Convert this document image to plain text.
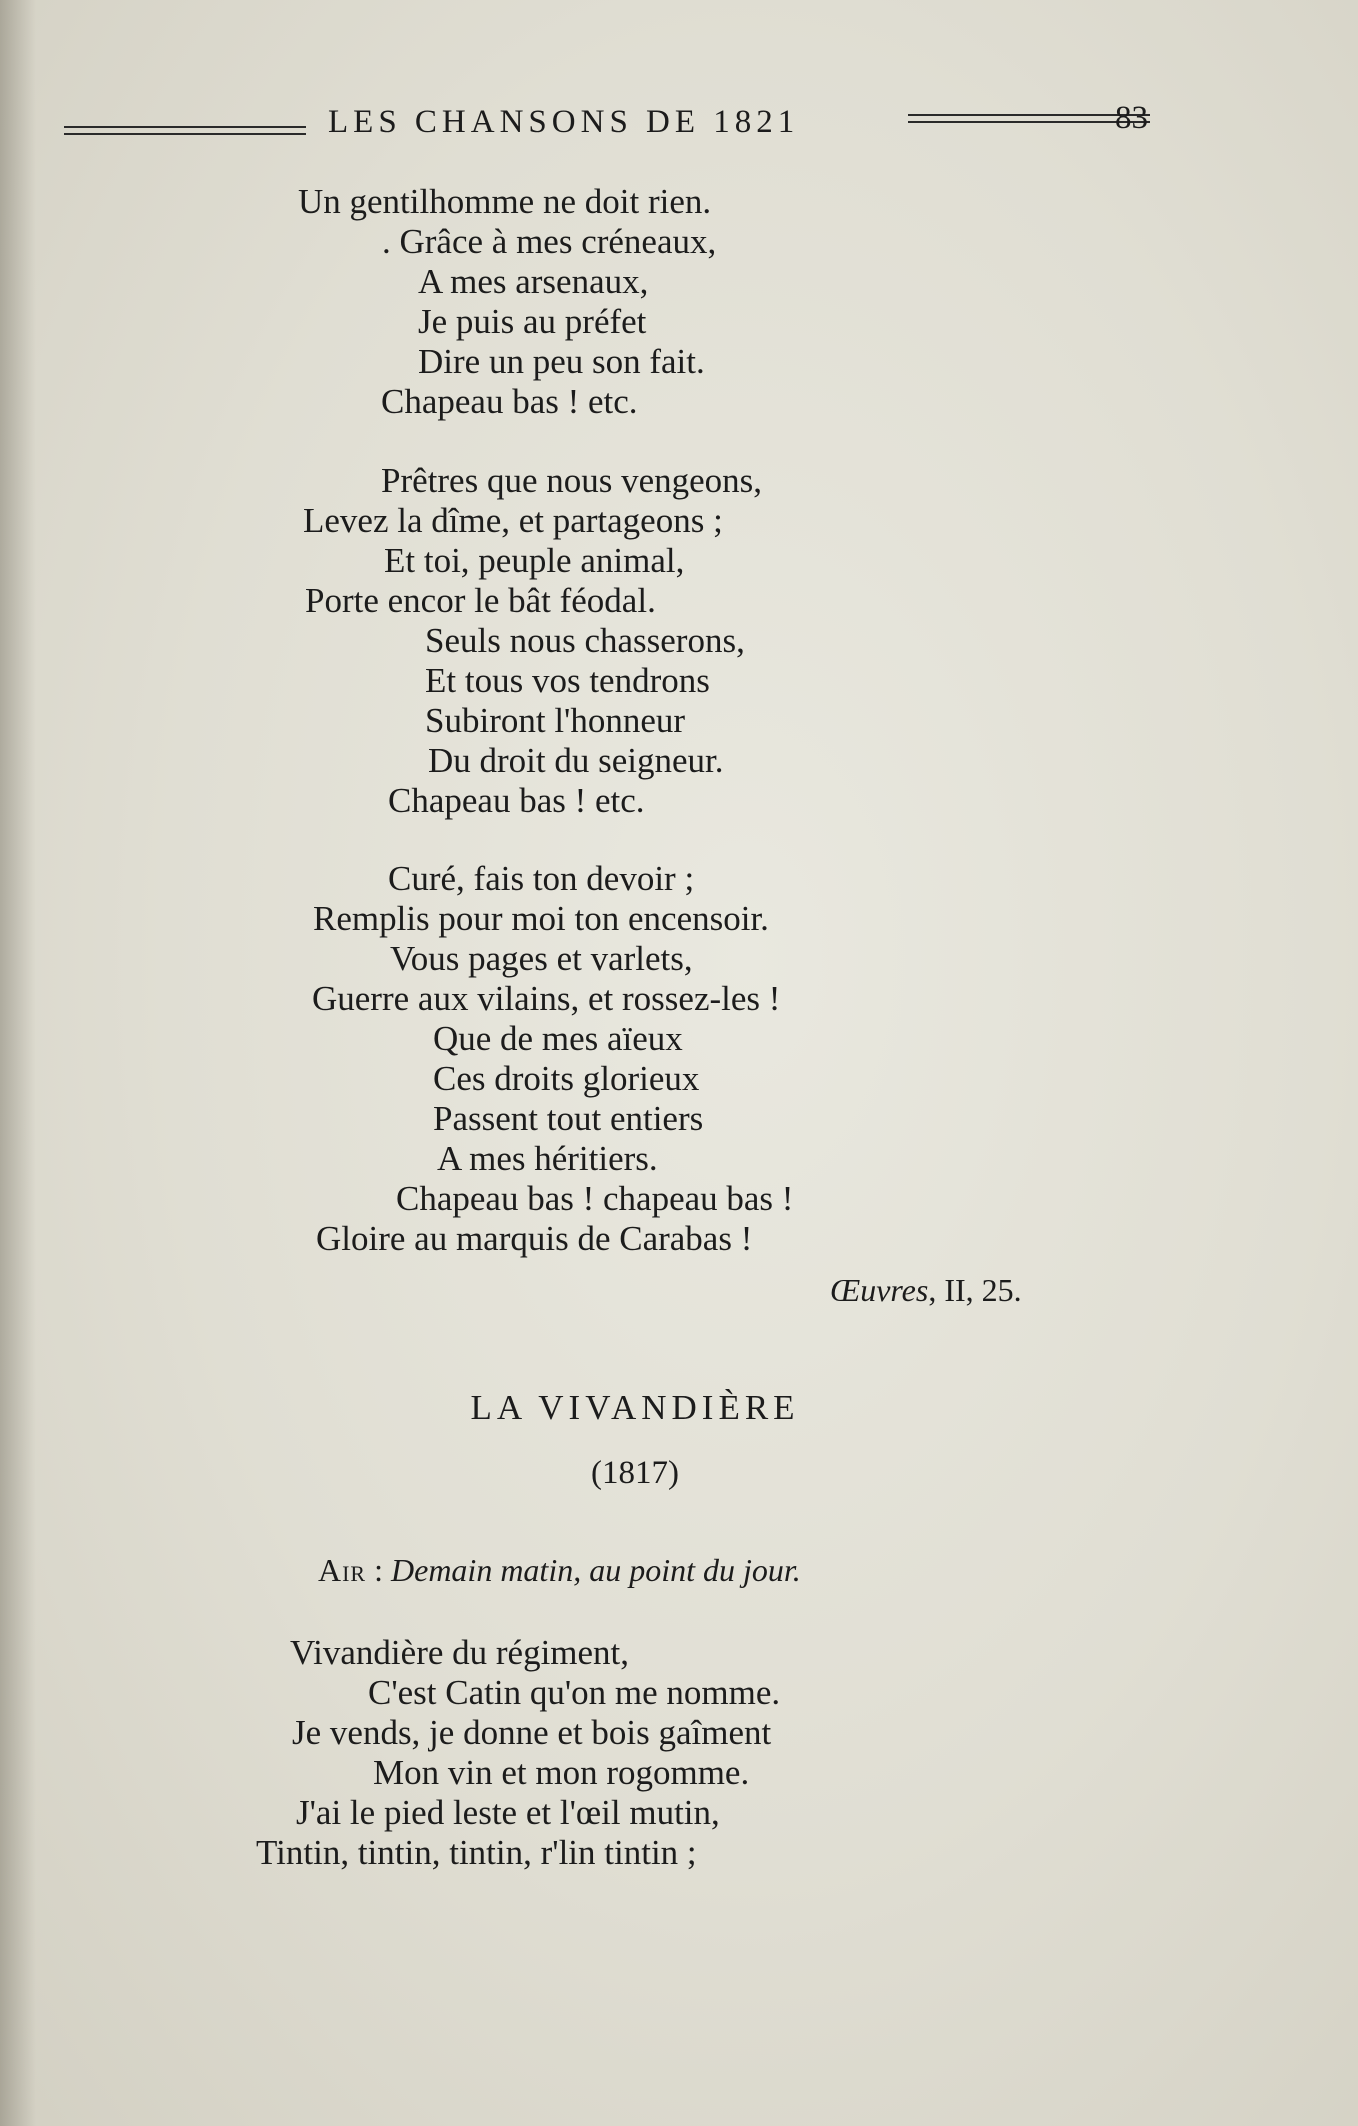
LES CHANSONS DE 1821	83
Un gentilhomme ne doit rien.
. Grâce à mes créneaux,
A mes arsenaux,
Je puis au préfet
Dire un peu son fait.
Chapeau bas ! etc.
Prêtres que nous vengeons,
Levez la dîme, et partageons ;
Et toi, peuple animal,
Porte encor le bât féodal.
Seuls nous chasserons,
Et tous vos tendrons
Subiront l'honneur
Du droit du seigneur.
Chapeau bas ! etc.
Curé, fais ton devoir ;
Remplis pour moi ton encensoir.
Vous pages et varlets,
Guerre aux vilains, et rossez-les !
Que de mes aïeux
Ces droits glorieux
Passent tout entiers
A mes héritiers.
Chapeau bas ! chapeau bas !
Gloire au marquis de Carabas !
Œuvres, II, 25.
LA VIVANDIÈRE
(1817)
Air : Demain matin, au point du jour.
Vivandière du régiment,
C'est Catin qu'on me nomme.
Je vends, je donne et bois gaîment
Mon vin et mon rogomme.
J'ai le pied leste et l'œil mutin,
Tintin, tintin, tintin, r'lin tintin ;
